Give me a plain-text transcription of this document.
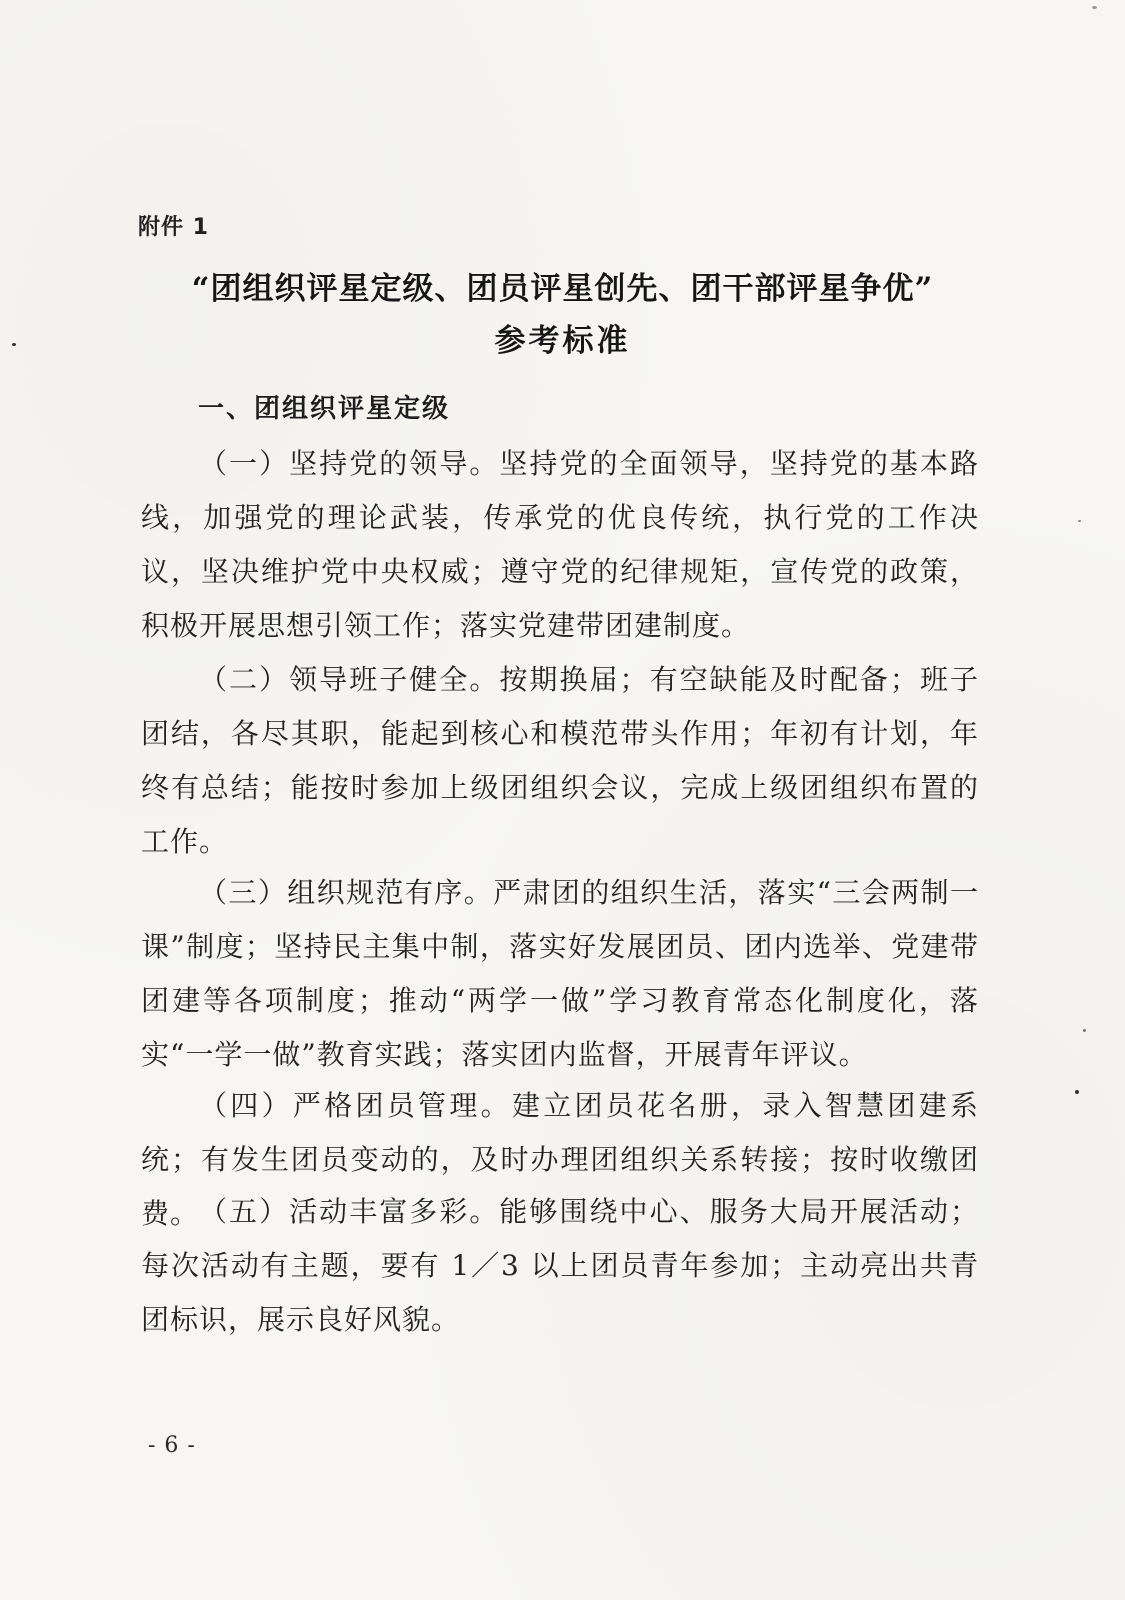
附件 1
“团组织评星定级、团员评星创先、团干部评星争优”
参考标准
一、团组织评星定级

（一）坚持党的领导。坚持党的全面领导，坚持党的基本路线，加强党的理论武装，传承党的优良传统，执行党的工作决议，坚决维护党中央权威；遵守党的纪律规矩，宣传党的政策，积极开展思想引领工作；落实党建带团建制度。

（二）领导班子健全。按期换届；有空缺能及时配备；班子团结，各尽其职，能起到核心和模范带头作用；年初有计划，年终有总结；能按时参加上级团组织会议，完成上级团组织布置的工作。

（三）组织规范有序。严肃团的组织生活，落实“三会两制一课”制度；坚持民主集中制，落实好发展团员、团内选举、党建带团建等各项制度；推动“两学一做”学习教育常态化制度化，落实“一学一做”教育实践；落实团内监督，开展青年评议。

（四）严格团员管理。建立团员花名册，录入智慧团建系统；有发生团员变动的，及时办理团组织关系转接；按时收缴团费。 （五）活动丰富多彩。能够围绕中心、服务大局开展活动；每次活动有主题，要有 1／3 以上团员青年参加；主动亮出共青团标识，展示良好风貌。

- 6 -
